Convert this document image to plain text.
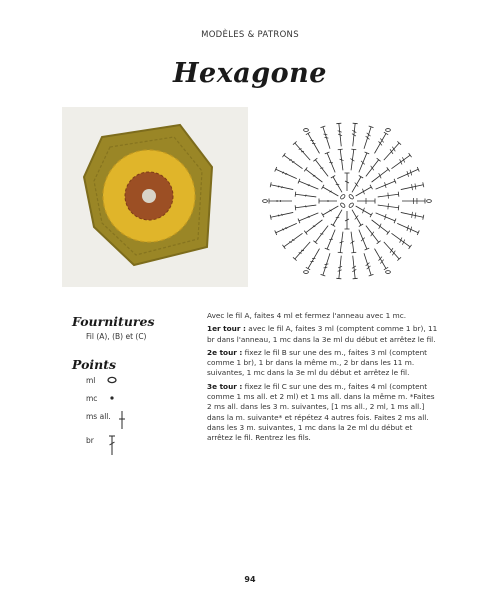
MODÈLES & PATRONS
Hexagone
Fournitures
Fil (A), (B) et (C)
Points
ml
mc
ms all.
br

Avec le fil A, faites 4 ml et fermez l'anneau avec 1 mc.

1er tour : avec le fil A, faites 3 ml (comptent comme 1 br), 11 br dans l'anneau, 1 mc dans la 3e ml du début et arrêtez le fil.

2e tour : fixez le fil B sur une des m., faites 3 ml (comptent comme 1 br), 1 br dans la même m., 2 br dans les 11 m. suivantes, 1 mc dans la 3e ml du début et arrêtez le fil.

3e tour : fixez le fil C sur une des m., faites 4 ml (comptent comme 1 ms all. et 2 ml) et 1 ms all. dans la même m. *Faites 2 ms all. dans les 3 m. suivantes, [1 ms all., 2 ml, 1 ms all.] dans la m. suivante* et répétez 4 autres fois. Faites 2 ms all. dans les 3 m. suivantes, 1 mc dans la 2e ml du début et arrêtez le fil. Rentrez les fils.

94
